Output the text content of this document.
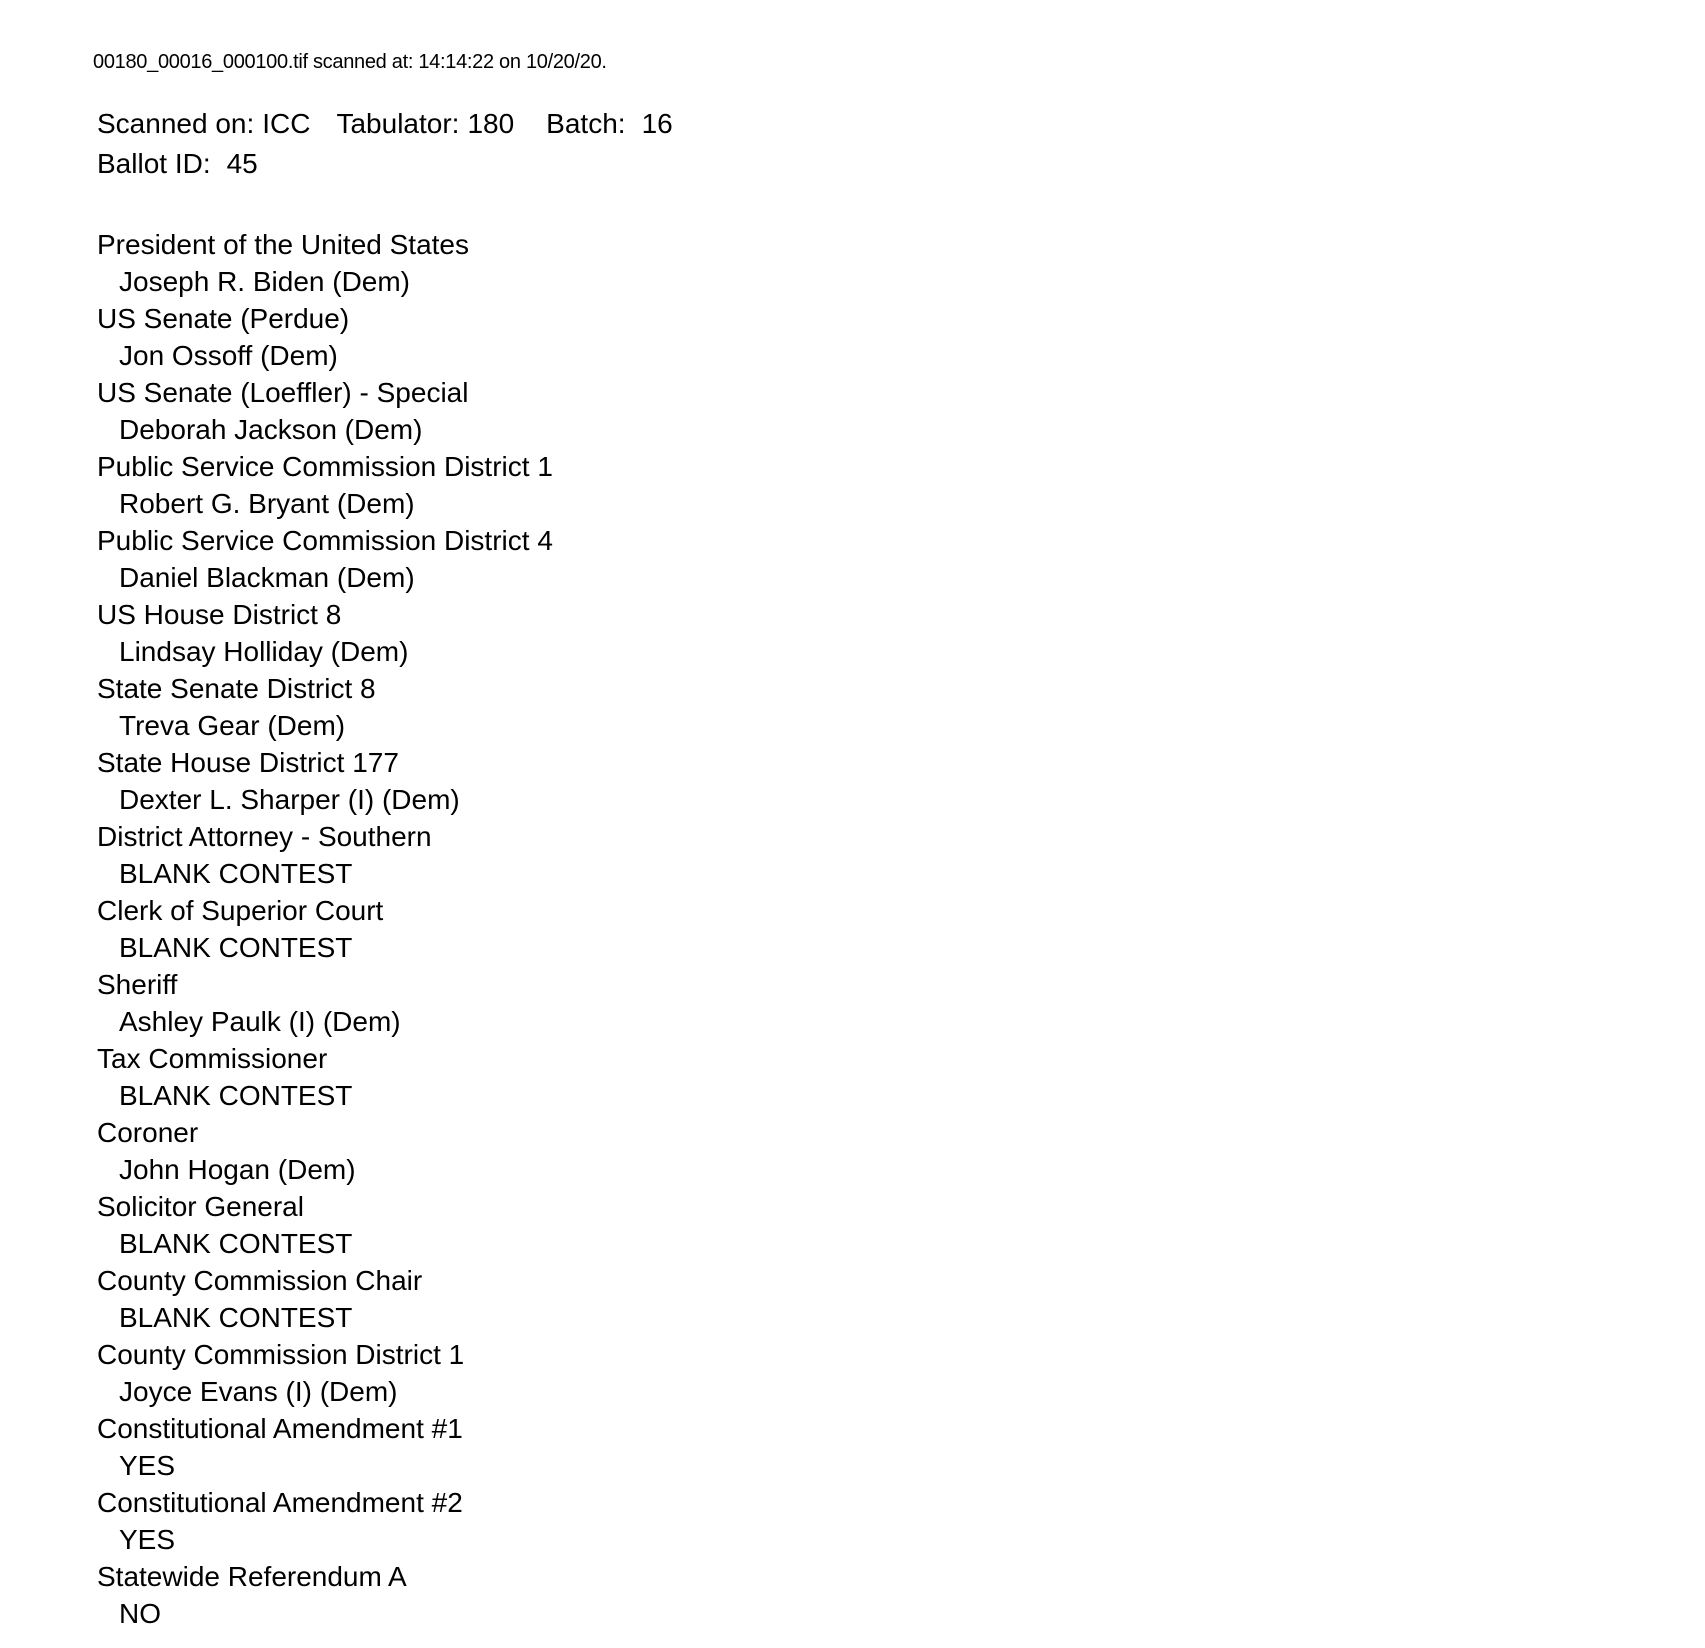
00180_00016_000100.tif scanned at: 14:14:22 on 10/20/20.
Scanned on: ICC Tabulator: 180 Batch: 16
Ballot ID: 45
President of the United States
Joseph R. Biden (Dem)
US Senate (Perdue)
Jon Ossoff (Dem)
US Senate (Loeffler) - Special
Deborah Jackson (Dem)
Public Service Commission District 1
Robert G. Bryant (Dem)
Public Service Commission District 4
Daniel Blackman (Dem)
US House District 8
Lindsay Holliday (Dem)
State Senate District 8
Treva Gear (Dem)
State House District 177
Dexter L. Sharper (I) (Dem)
District Attorney - Southern
BLANK CONTEST
Clerk of Superior Court
BLANK CONTEST
Sheriff
Ashley Paulk (I) (Dem)
Tax Commissioner
BLANK CONTEST
Coroner
John Hogan (Dem)
Solicitor General
BLANK CONTEST
County Commission Chair
BLANK CONTEST
County Commission District 1
Joyce Evans (I) (Dem)
Constitutional Amendment #1
YES
Constitutional Amendment #2
YES
Statewide Referendum A
NO
